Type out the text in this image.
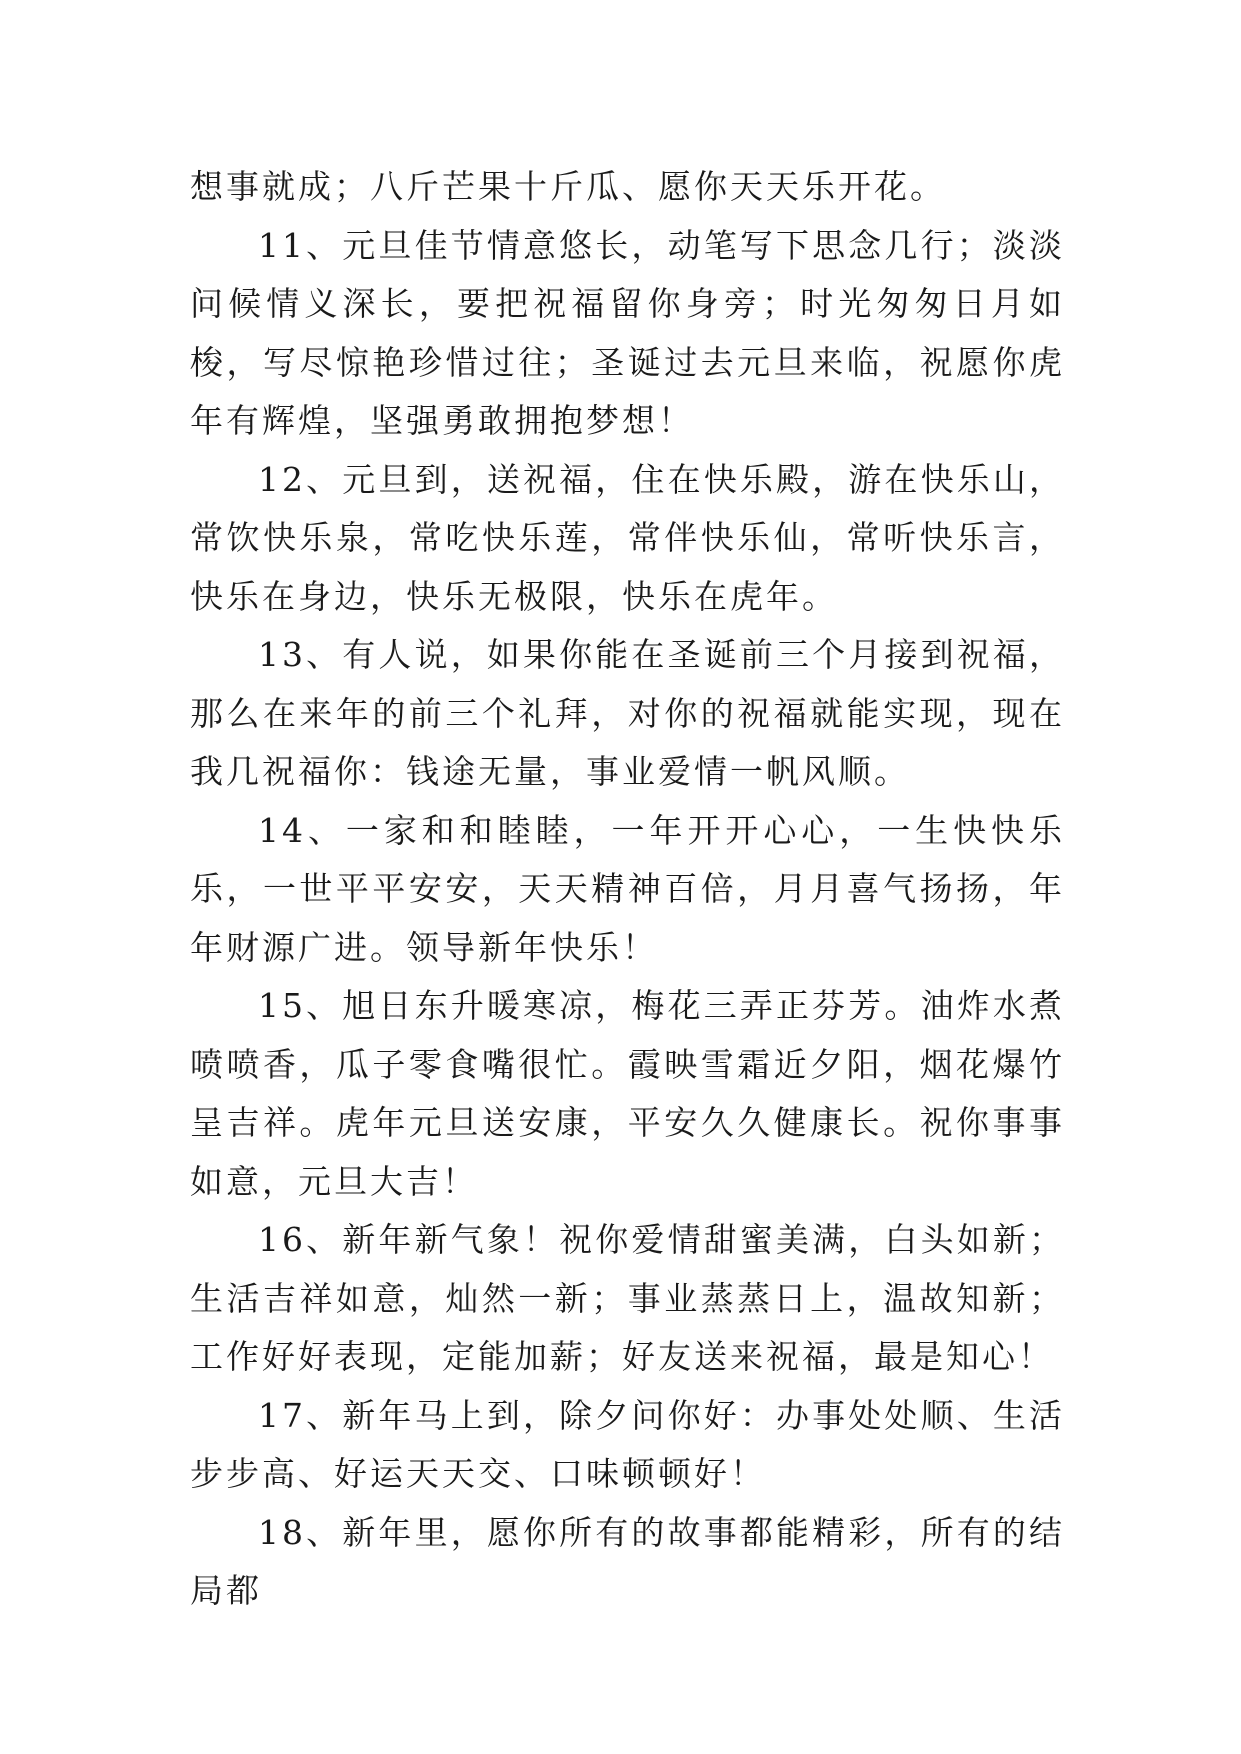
想事就成；八斤芒果十斤瓜、愿你天天乐开花。

11、元旦佳节情意悠长，动笔写下思念几行；淡淡问候情义深长，要把祝福留你身旁；时光匆匆日月如梭，写尽惊艳珍惜过往；圣诞过去元旦来临，祝愿你虎年有辉煌，坚强勇敢拥抱梦想！

12、元旦到，送祝福，住在快乐殿，游在快乐山，常饮快乐泉，常吃快乐莲，常伴快乐仙，常听快乐言，快乐在身边，快乐无极限，快乐在虎年。

13、有人说，如果你能在圣诞前三个月接到祝福，那么在来年的前三个礼拜，对你的祝福就能实现，现在我几祝福你：钱途无量，事业爱情一帆风顺。

14、一家和和睦睦，一年开开心心，一生快快乐乐，一世平平安安，天天精神百倍，月月喜气扬扬，年年财源广进。领导新年快乐！

15、旭日东升暖寒凉，梅花三弄正芬芳。油炸水煮喷喷香，瓜子零食嘴很忙。霞映雪霜近夕阳，烟花爆竹呈吉祥。虎年元旦送安康，平安久久健康长。祝你事事如意，元旦大吉！

16、新年新气象！祝你爱情甜蜜美满，白头如新；生活吉祥如意，灿然一新；事业蒸蒸日上，温故知新；工作好好表现，定能加薪；好友送来祝福，最是知心！

17、新年马上到，除夕问你好：办事处处顺、生活步步高、好运天天交、口味顿顿好！

18、新年里，愿你所有的故事都能精彩，所有的结局都
